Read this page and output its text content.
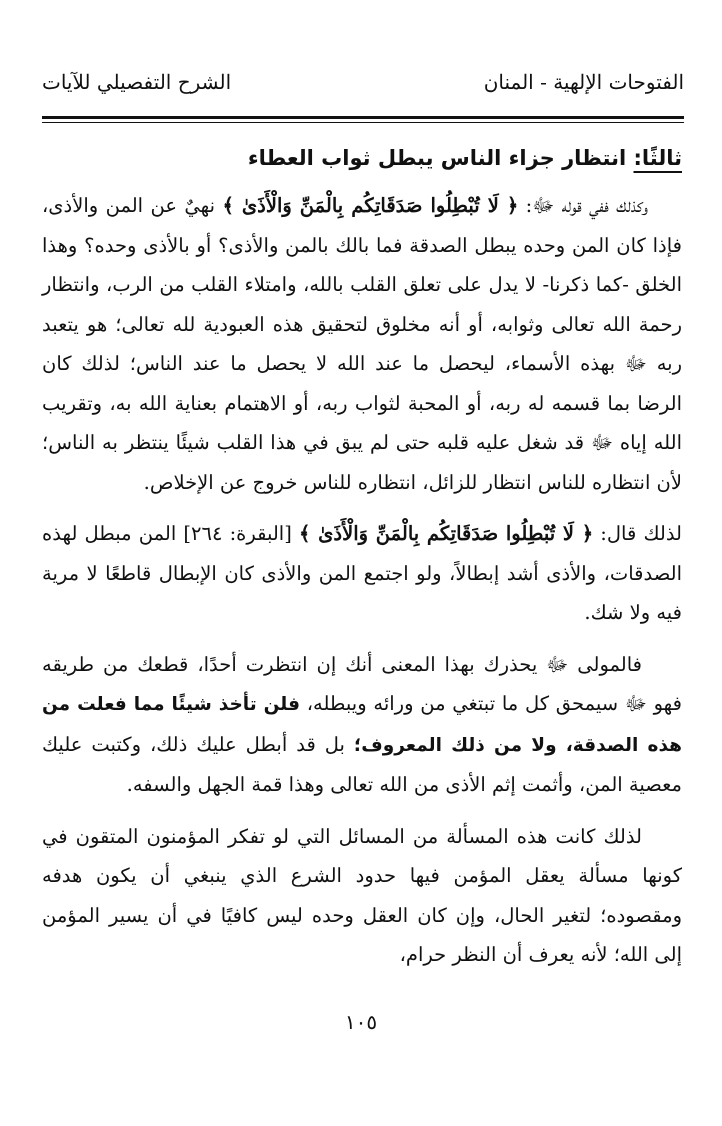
الفتوحات الإلهية - المنان
الشرح التفصيلي للآيات
ثالثًا: انتظار جزاء الناس يبطل ثواب العطاء

وكذلك ففي قوله ﷻ: ﴿ لَا تُبْطِلُوا صَدَقَاتِكُم بِالْمَنِّ وَالْأَذَىٰ ﴾ نهيٌ عن المن والأذى، فإذا كان المن وحده يبطل الصدقة فما بالك بالمن والأذى؟ أو بالأذى وحده؟ وهذا الخلق -كما ذكرنا- لا يدل على تعلق القلب بالله، وامتلاء القلب من الرب، وانتظار رحمة الله تعالى وثوابه، أو أنه مخلوق لتحقيق هذه العبودية لله تعالى؛ هو يتعبد ربه ﷻ بهذه الأسماء، ليحصل ما عند الله لا يحصل ما عند الناس؛ لذلك كان الرضا بما قسمه له ربه، أو المحبة لثواب ربه، أو الاهتمام بعناية الله به، وتقريب الله إياه ﷻ قد شغل عليه قلبه حتى لم يبق في هذا القلب شيئًا ينتظر به الناس؛ لأن انتظاره للناس انتظار للزائل، انتظاره للناس خروج عن الإخلاص.

لذلك قال: ﴿ لَا تُبْطِلُوا صَدَقَاتِكُم بِالْمَنِّ وَالْأَذَىٰ ﴾ [البقرة: ٢٦٤] المن مبطل لهذه الصدقات، والأذى أشد إبطالاً، ولو اجتمع المن والأذى كان الإبطال قاطعًا لا مرية فيه ولا شك.

فالمولى ﷻ يحذرك بهذا المعنى أنك إن انتظرت أحدًا، قطعك من طريقه فهو ﷻ سيمحق كل ما تبتغي من ورائه ويبطله، فلن تأخذ شيئًا مما فعلت من هذه الصدقة، ولا من ذلك المعروف؛ بل قد أبطل عليك ذلك، وكتبت عليك معصية المن، وأثمت إثم الأذى من الله تعالى وهذا قمة الجهل والسفه.

لذلك كانت هذه المسألة من المسائل التي لو تفكر المؤمنون المتقون في كونها مسألة يعقل المؤمن فيها حدود الشرع الذي ينبغي أن يكون هدفه ومقصوده؛ لتغير الحال، وإن كان العقل وحده ليس كافيًا في أن يسير المؤمن إلى الله؛ لأنه يعرف أن النظر حرام،

١٠٥
